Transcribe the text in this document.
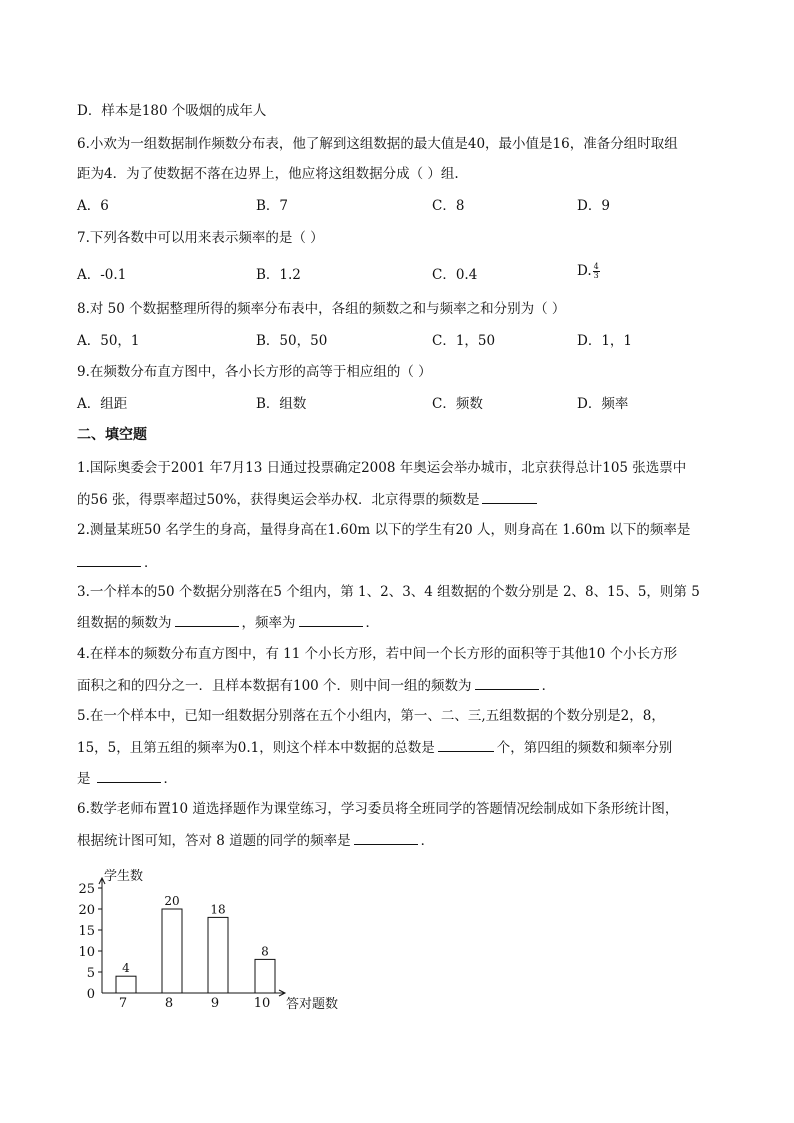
D．样本是180 个吸烟的成年人
6.小欢为一组数据制作频数分布表，他了解到这组数据的最大值是40，最小值是16，准备分组时取组
距为4．为了使数据不落在边界上，他应将这组数据分成（ ）组.
A．6	B．7	C．8	D．9
7.下列各数中可以用来表示频率的是（ ）
A．-0.1	B．1.2	C．0.4	D. $\frac{4}{3}$
8.对 50 个数据整理所得的频率分布表中，各组的频数之和与频率之和分别为（ ）
A．50，1	B．50，50	C．1，50	D．1，1
9.在频数分布直方图中，各小长方形的高等于相应组的（ ）
A．组距	B．组数	C．频数	D．频率
二、填空题
1.国际奥委会于2001 年7月13 日通过投票确定2008 年奥运会举办城市，北京获得总计105 张选票中
的56 张，得票率超过50%，获得奥运会举办权．北京得票的频数是
2.测量某班50 名学生的身高，量得身高在1.60m 以下的学生有20 人，则身高在 1.60m 以下的频率是
．
3.一个样本的50 个数据分别落在5 个组内，第 1、2、3、4 组数据的个数分别是 2、8、15、5，则第 5
组数据的频数为	，频率为	．
4.在样本的频数分布直方图中，有 11 个小长方形，若中间一个长方形的面积等于其他10 个小长方形
面积之和的四分之一．且样本数据有100 个．则中间一组的频数为	．
5.在一个样本中，已知一组数据分别落在五个小组内，第一、二、三,五组数据的个数分别是2，8，
15，5，且第五组的频率为0.1，则这个样本中数据的总数是	个，第四组的频数和频率分别
是	．
6.数学老师布置10 道选择题作为课堂练习，学习委员将全班同学的答题情况绘制成如下条形统计图，
根据统计图可知，答对 8 道题的同学的频率是	．
学生数
答对题数
0
5
10
15
20
25
4
7
20
8
18
9
8
10
